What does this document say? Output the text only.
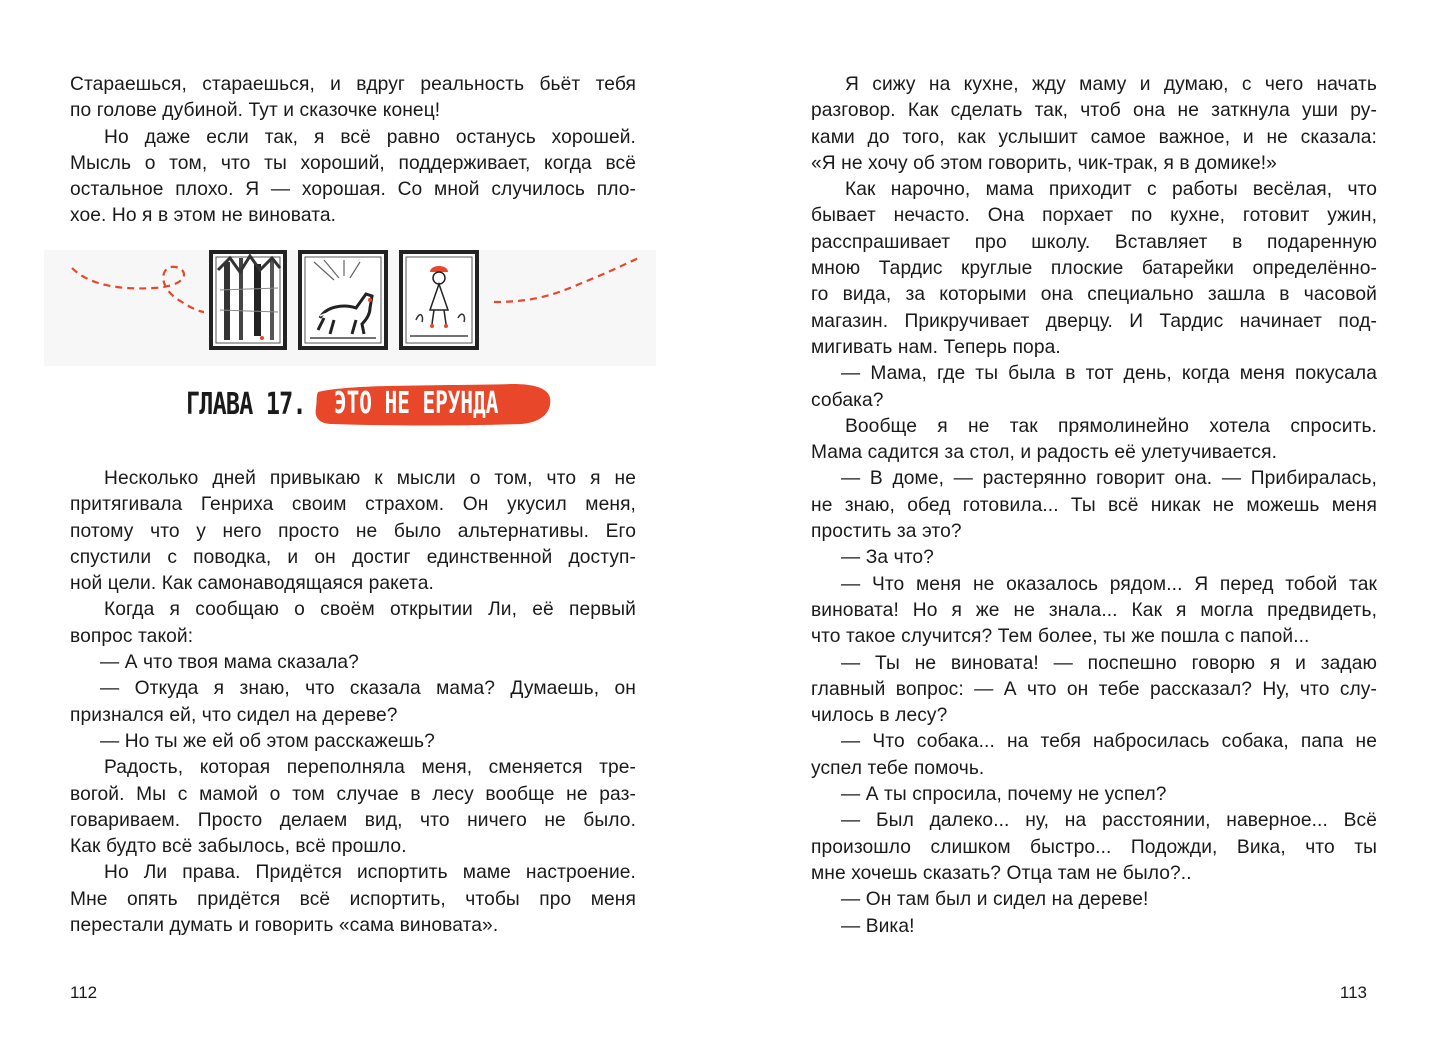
Стараешься, стараешься, и вдруг реальность бьёт тебя

по голове дубиной. Тут и сказочке конец!

Но даже если так, я всё равно останусь хорошей.

Мысль о том, что ты хороший, поддерживает, когда всё

остальное плохо. Я — хорошая. Со мной случилось пло-

хое. Но я в этом не виновата.

ГЛАВА 17. ЭТО НЕ ЕРУНДА

Несколько дней привыкаю к мысли о том, что я не

притягивала Генриха своим страхом. Он укусил меня,

потому что у него просто не было альтернативы. Его

спустили с поводка, и он достиг единственной доступ-

ной цели. Как самонаводящаяся ракета.

Когда я сообщаю о своём открытии Ли, её первый

вопрос такой:

— А что твоя мама сказала?

— Откуда я знаю, что сказала мама? Думаешь, он

признался ей, что сидел на дереве?

— Но ты же ей об этом расскажешь?

Радость, которая переполняла меня, сменяется тре-

вогой. Мы с мамой о том случае в лесу вообще не раз-

говариваем. Просто делаем вид, что ничего не было.

Как будто всё забылось, всё прошло.

Но Ли права. Придётся испортить маме настроение.

Мне опять придётся всё испортить, чтобы про меня

перестали думать и говорить «сама виновата».

112

Я сижу на кухне, жду маму и думаю, с чего начать

разговор. Как сделать так, чтоб она не заткнула уши ру-

ками до того, как услышит самое важное, и не сказала:

«Я не хочу об этом говорить, чик-трак, я в домике!»

Как нарочно, мама приходит с работы весёлая, что

бывает нечасто. Она порхает по кухне, готовит ужин,

расспрашивает про школу. Вставляет в подаренную

мною Тардис круглые плоские батарейки определённо-

го вида, за которыми она специально зашла в часовой

магазин. Прикручивает дверцу. И Тардис начинает под-

мигивать нам. Теперь пора.

— Мама, где ты была в тот день, когда меня покусала

собака?

Вообще я не так прямолинейно хотела спросить.

Мама садится за стол, и радость её улетучивается.

— В доме, — растерянно говорит она. — Прибиралась,

не знаю, обед готовила... Ты всё никак не можешь меня

простить за это?

— За что?

— Что меня не оказалось рядом... Я перед тобой так

виновата! Но я же не знала... Как я могла предвидеть,

что такое случится? Тем более, ты же пошла с папой...

— Ты не виновата! — поспешно говорю я и задаю

главный вопрос: — А что он тебе рассказал? Ну, что слу-

чилось в лесу?

— Что собака... на тебя набросилась собака, папа не

успел тебе помочь.

— А ты спросила, почему не успел?

— Был далеко... ну, на расстоянии, наверное... Всё

произошло слишком быстро... Подожди, Вика, что ты

мне хочешь сказать? Отца там не было?..

— Он там был и сидел на дереве!

— Вика!

113
